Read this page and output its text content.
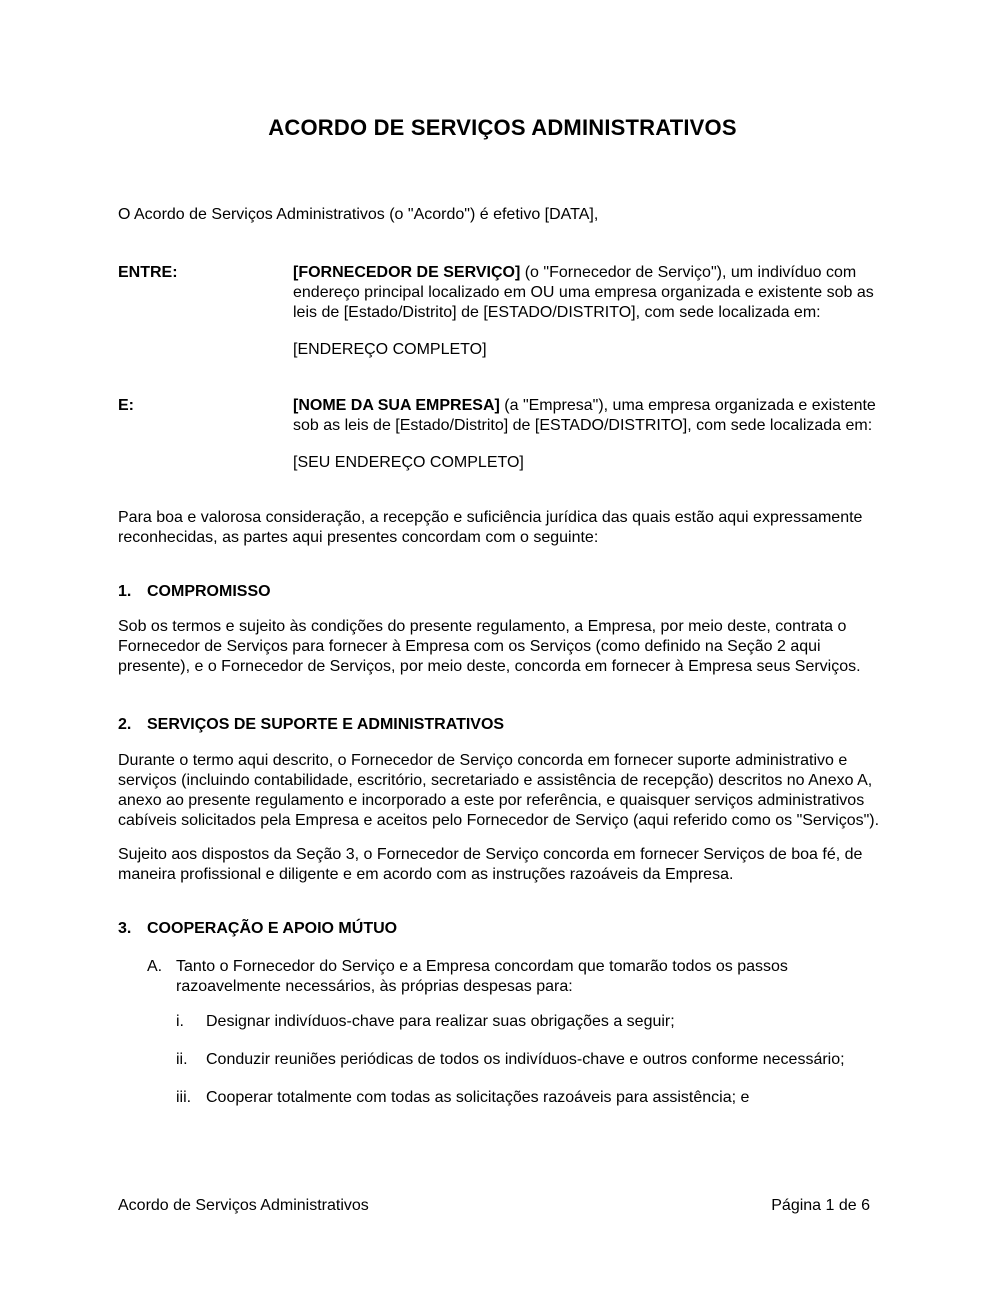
ACORDO DE SERVIÇOS ADMINISTRATIVOS
O Acordo de Serviços Administrativos (o "Acordo") é efetivo [DATA],
ENTRE:	[FORNECEDOR DE SERVIÇO] (o "Fornecedor de Serviço"), um indivíduo com endereço principal localizado em OU uma empresa organizada e existente sob as leis de [Estado/Distrito] de [ESTADO/DISTRITO], com sede localizada em:
[ENDEREÇO COMPLETO]
E:	[NOME DA SUA EMPRESA] (a "Empresa"), uma empresa organizada e existente sob as leis de [Estado/Distrito] de [ESTADO/DISTRITO], com sede localizada em:
[SEU ENDEREÇO COMPLETO]
Para boa e valorosa consideração, a recepção e suficiência jurídica das quais estão aqui expressamente reconhecidas, as partes aqui presentes concordam com o seguinte:
1. COMPROMISSO
Sob os termos e sujeito às condições do presente regulamento, a Empresa, por meio deste, contrata o Fornecedor de Serviços para fornecer à Empresa com os Serviços (como definido na Seção 2 aqui presente), e o Fornecedor de Serviços, por meio deste, concorda em fornecer à Empresa seus Serviços.
2. SERVIÇOS DE SUPORTE E ADMINISTRATIVOS
Durante o termo aqui descrito, o Fornecedor de Serviço concorda em fornecer suporte administrativo e serviços (incluindo contabilidade, escritório, secretariado e assistência de recepção) descritos no Anexo A, anexo ao presente regulamento e incorporado a este por referência, e quaisquer serviços administrativos cabíveis solicitados pela Empresa e aceitos pelo Fornecedor de Serviço (aqui referido como os "Serviços").
Sujeito aos dispostos da Seção 3, o Fornecedor de Serviço concorda em fornecer Serviços de boa fé, de maneira profissional e diligente e em acordo com as instruções razoáveis da Empresa.
3. COOPERAÇÃO E APOIO MÚTUO
A. Tanto o Fornecedor do Serviço e a Empresa concordam que tomarão todos os passos razoavelmente necessários, às próprias despesas para:
i.	Designar indivíduos-chave para realizar suas obrigações a seguir;
ii.	Conduzir reuniões periódicas de todos os indivíduos-chave e outros conforme necessário;
iii. Cooperar totalmente com todas as solicitações razoáveis para assistência; e
Acordo de Serviços Administrativos	Página 1 de 6
